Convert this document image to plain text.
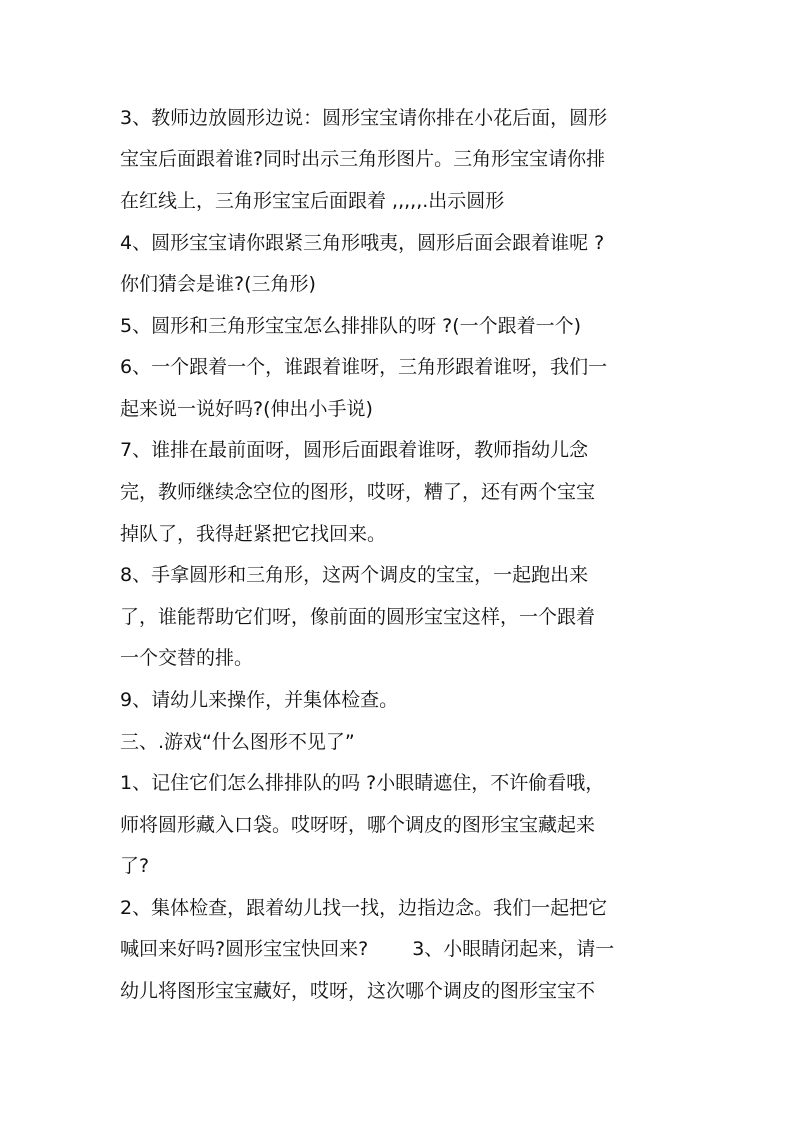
3、教师边放圆形边说：圆形宝宝请你排在小花后面，圆形
宝宝后面跟着谁?同时出示三角形图片。三角形宝宝请你排
在红线上，三角形宝宝后面跟着 ,,,,,.出示圆形
4、圆形宝宝请你跟紧三角形哦夷，圆形后面会跟着谁呢 ?
你们猜会是谁?(三角形)
5、圆形和三角形宝宝怎么排排队的呀 ?(一个跟着一个)
6、一个跟着一个，谁跟着谁呀，三角形跟着谁呀，我们一
起来说一说好吗?(伸出小手说)
7、谁排在最前面呀，圆形后面跟着谁呀，教师指幼儿念
完，教师继续念空位的图形，哎呀，糟了，还有两个宝宝
掉队了，我得赶紧把它找回来。
8、手拿圆形和三角形，这两个调皮的宝宝，一起跑出来
了，谁能帮助它们呀，像前面的圆形宝宝这样，一个跟着
一个交替的排。
9、请幼儿来操作，并集体检查。
三、.游戏“什么图形不见了”
1、记住它们怎么排排队的吗 ?小眼睛遮住，不许偷看哦，
师将圆形藏入口袋。哎呀呀，哪个调皮的图形宝宝藏起来
了?
2、集体检查，跟着幼儿找一找，边指边念。我们一起把它
喊回来好吗?圆形宝宝快回来?　　 3、小眼睛闭起来，请一
幼儿将图形宝宝藏好，哎呀，这次哪个调皮的图形宝宝不
